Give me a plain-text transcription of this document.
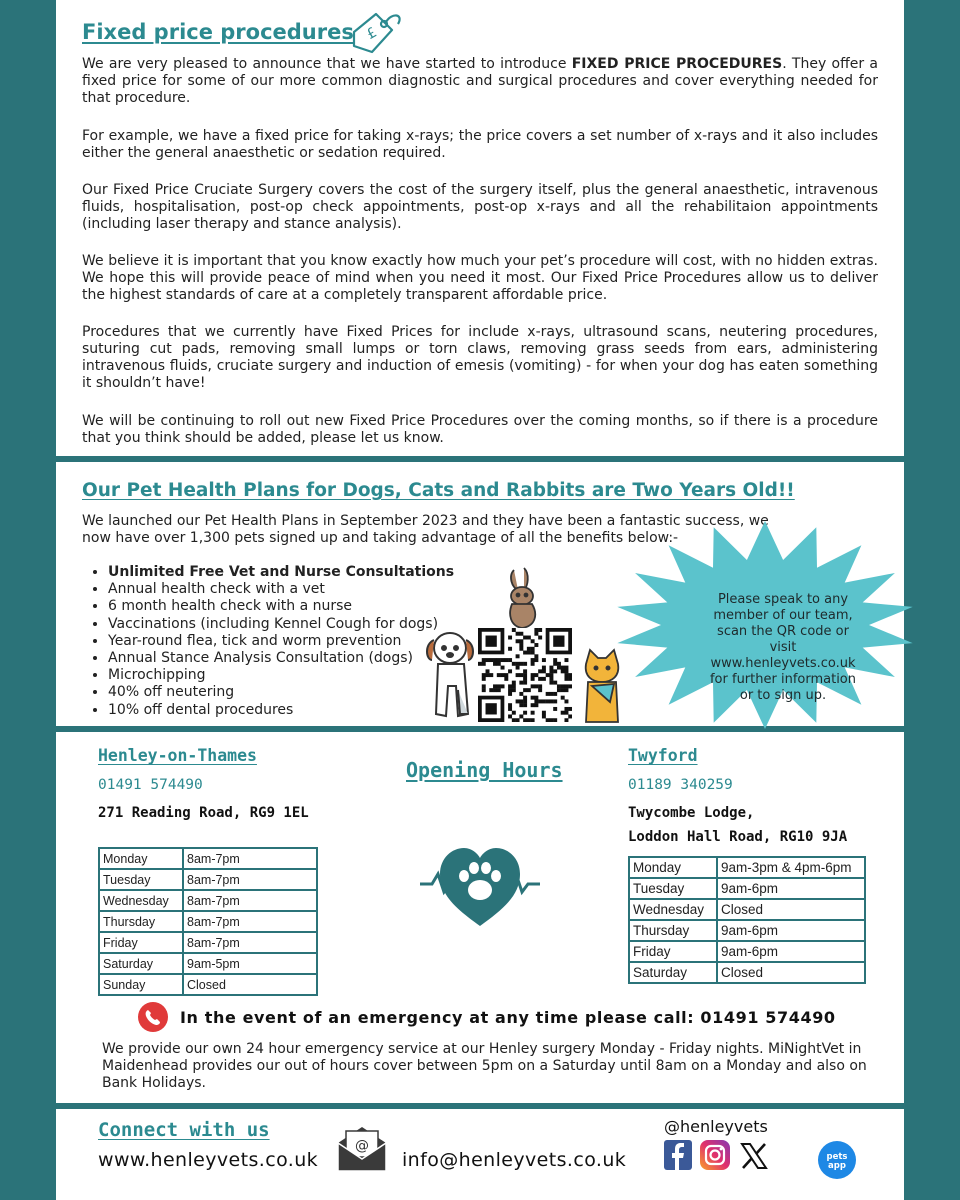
Fixed price procedures £

We are very pleased to announce that we have started to introduce FIXED PRICE PROCEDURES. They offer a fixed price for some of our more common diagnostic and surgical procedures and cover everything needed for that procedure.

For example, we have a fixed price for taking x-rays; the price covers a set number of x-rays and it also includes either the general anaesthetic or sedation required.

Our Fixed Price Cruciate Surgery covers the cost of the surgery itself, plus the general anaesthetic, intravenous fluids, hospitalisation, post-op check appointments, post-op x-rays and all the rehabilitaion appointments (including laser therapy and stance analysis).

We believe it is important that you know exactly how much your pet’s procedure will cost, with no hidden extras. We hope this will provide peace of mind when you need it most. Our Fixed Price Procedures allow us to deliver the highest standards of care at a completely transparent affordable price.

Procedures that we currently have Fixed Prices for include x-rays, ultrasound scans, neutering procedures, suturing cut pads, removing small lumps or torn claws, removing grass seeds from ears, administering intravenous fluids, cruciate surgery and induction of emesis (vomiting) - for when your dog has eaten something it shouldn’t have!

We will be continuing to roll out new Fixed Price Procedures over the coming months, so if there is a procedure that you think should be added, please let us know.

Our Pet Health Plans for Dogs, Cats and Rabbits are Two Years Old!!

We launched our Pet Health Plans in September 2023 and they have been a fantastic success, we now have over 1,300 pets signed up and taking advantage of all the benefits below:-

• Unlimited Free Vet and Nurse Consultations
• Annual health check with a vet
• 6 month health check with a nurse
• Vaccinations (including Kennel Cough for dogs)
• Year-round flea, tick and worm prevention
• Annual Stance Analysis Consultation (dogs)
• Microchipping
• 40% off neutering
• 10% off dental procedures

Please speak to any member of our team, scan the QR code or visit www.henleyvets.co.uk for further information or to sign up.

Henley-on-Thames
01491 574490
271 Reading Road, RG9 1EL
Monday	8am-7pm
Tuesday	8am-7pm
Wednesday	8am-7pm
Thursday	8am-7pm
Friday	8am-7pm
Saturday	9am-5pm
Sunday	Closed
Opening Hours
Twyford
01189 340259
Twycombe Lodge,
Loddon Hall Road, RG10 9JA
Monday	9am-3pm & 4pm-6pm
Tuesday	9am-6pm
Wednesday	Closed
Thursday	9am-6pm
Friday	9am-6pm
Saturday	Closed
In the event of an emergency at any time please call: 01491 574490

We provide our own 24 hour emergency service at our Henley surgery Monday - Friday nights. MiNightVet in Maidenhead provides our out of hours cover between 5pm on a Saturday until 8am on a Monday and also on Bank Holidays.

Connect with us
www.henleyvets.co.uk
@
info@henleyvets.co.uk
@henleyvets
pets
app
